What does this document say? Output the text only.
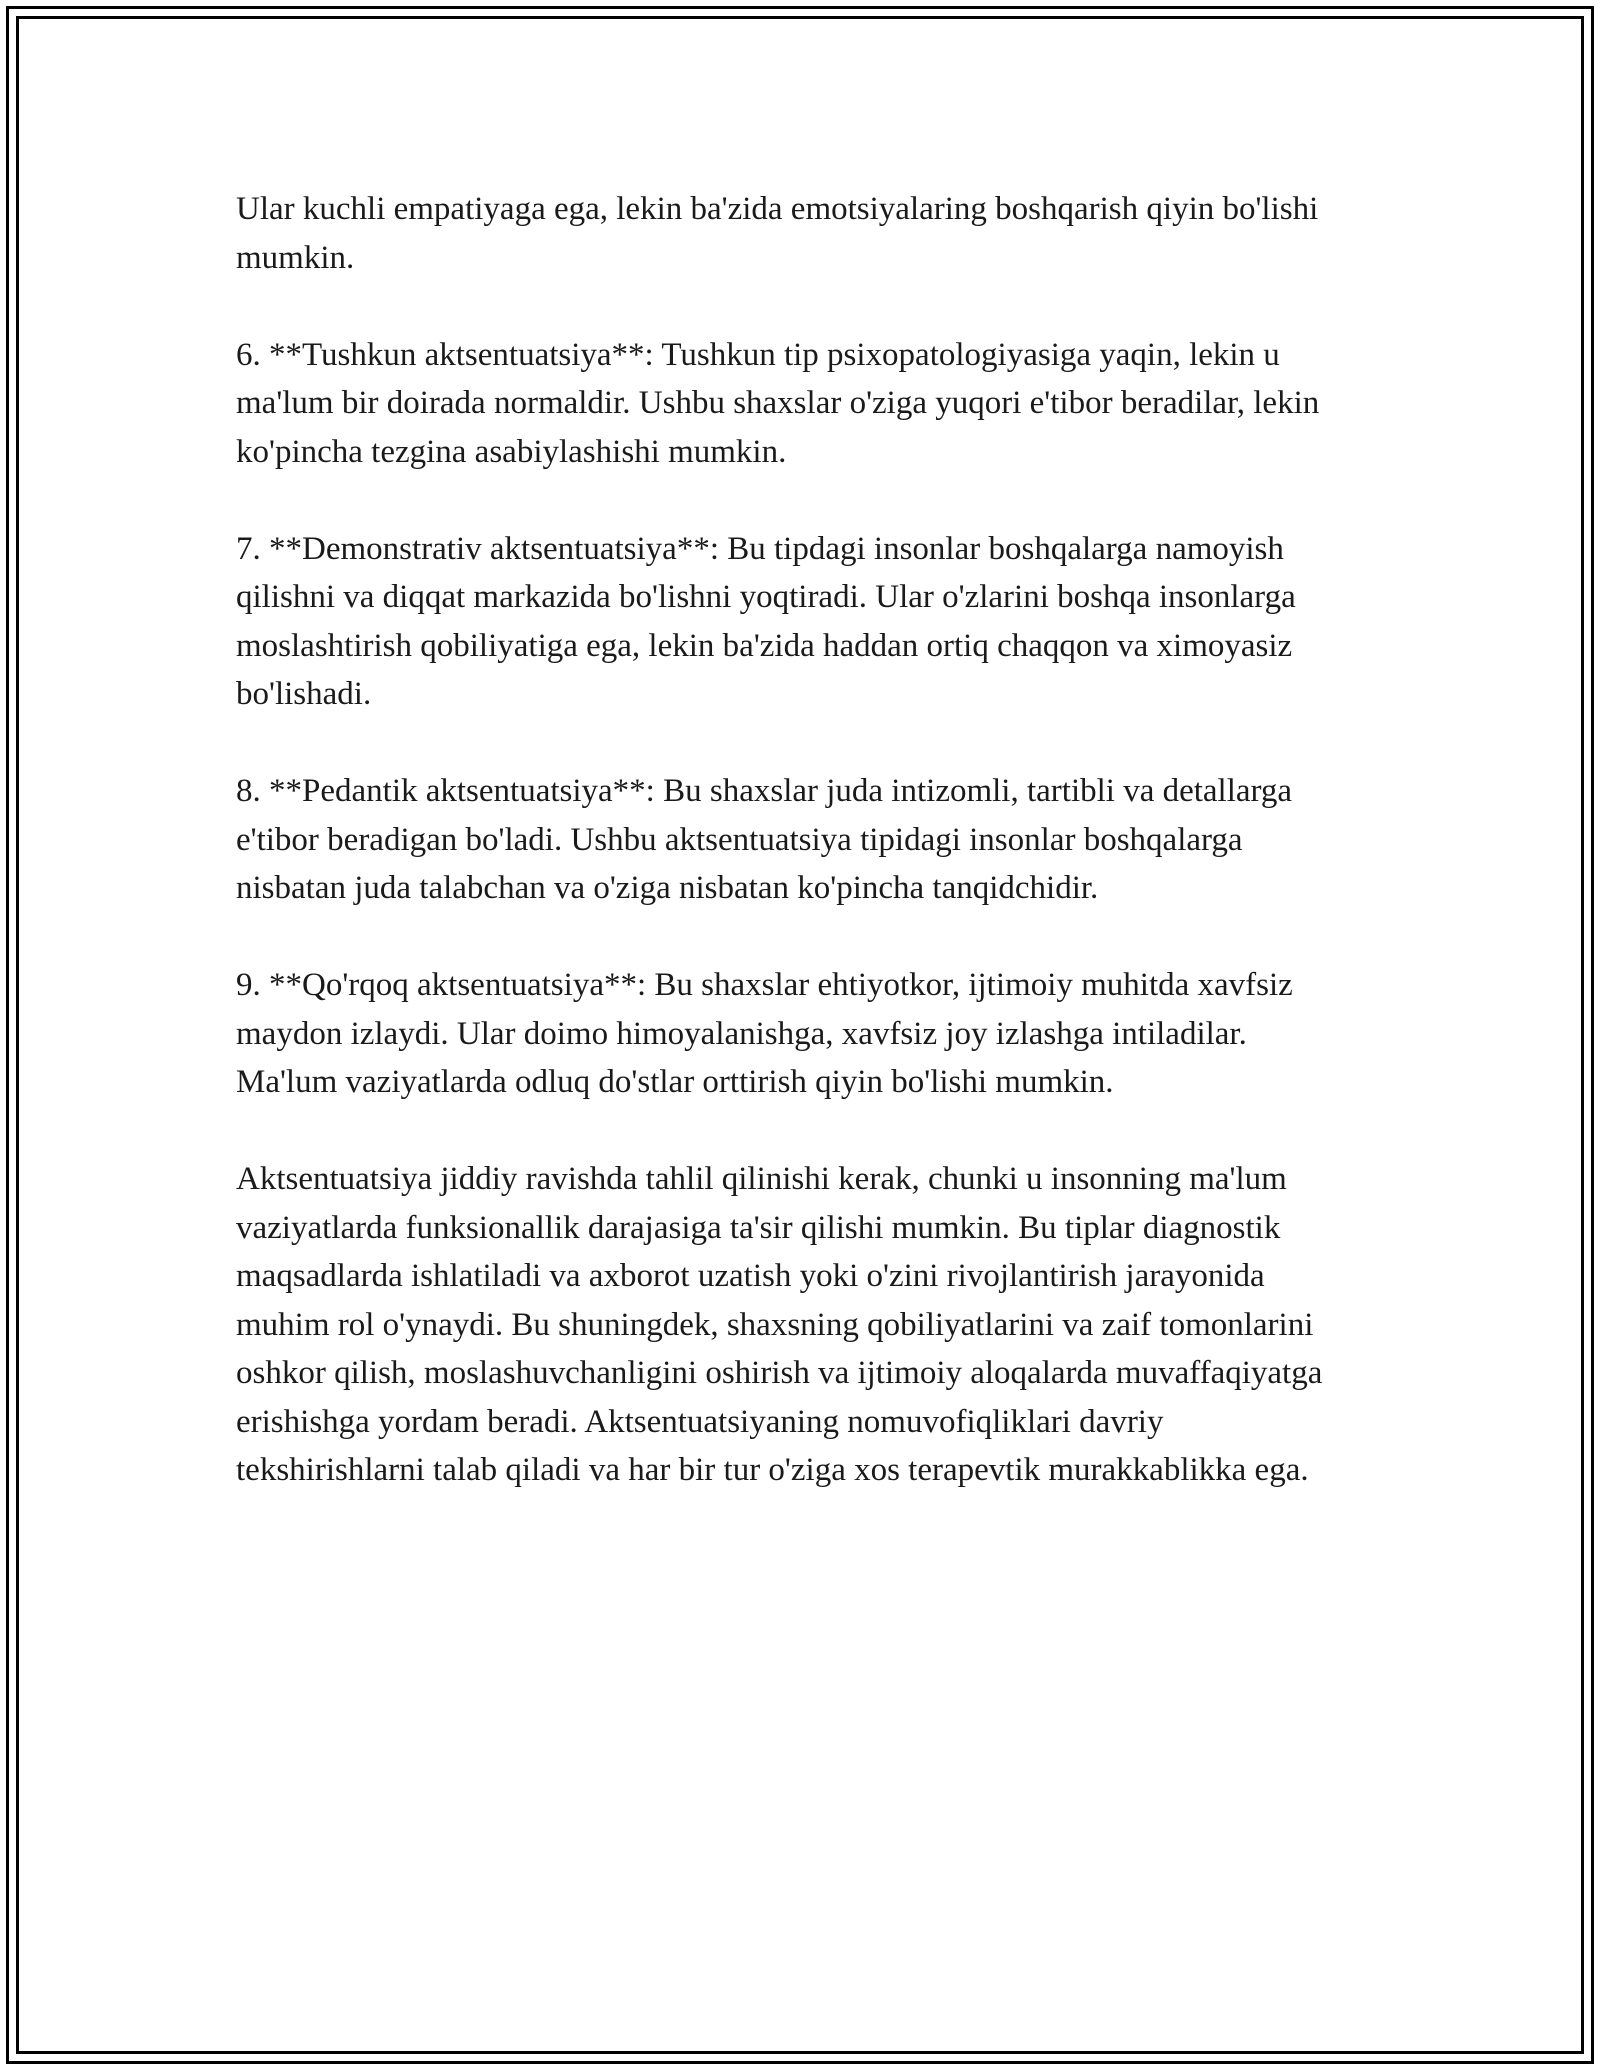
Ular kuchli empatiyaga ega, lekin ba'zida emotsiyalaring boshqarish qiyin bo'lishi mumkin.

6. **Tushkun aktsentuatsiya**: Tushkun tip psixopatologiyasiga yaqin, lekin u ma'lum bir doirada normaldir. Ushbu shaxslar o'ziga yuqori e'tibor beradilar, lekin ko'pincha tezgina asabiylashishi mumkin.

7. **Demonstrativ aktsentuatsiya**: Bu tipdagi insonlar boshqalarga namoyish qilishni va diqqat markazida bo'lishni yoqtiradi. Ular o'zlarini boshqa insonlarga moslashtirish qobiliyatiga ega, lekin ba'zida haddan ortiq chaqqon va ximoyasiz bo'lishadi.

8. **Pedantik aktsentuatsiya**: Bu shaxslar juda intizomli, tartibli va detallarga e'tibor beradigan bo'ladi. Ushbu aktsentuatsiya tipidagi insonlar boshqalarga nisbatan juda talabchan va o'ziga nisbatan ko'pincha tanqidchidir.

9. **Qo'rqoq aktsentuatsiya**: Bu shaxslar ehtiyotkor, ijtimoiy muhitda xavfsiz maydon izlaydi. Ular doimo himoyalanishga, xavfsiz joy izlashga intiladilar. Ma'lum vaziyatlarda odluq do'stlar orttirish qiyin bo'lishi mumkin.

Aktsentuatsiya jiddiy ravishda tahlil qilinishi kerak, chunki u insonning ma'lum vaziyatlarda funksionallik darajasiga ta'sir qilishi mumkin. Bu tiplar diagnostik maqsadlarda ishlatiladi va axborot uzatish yoki o'zini rivojlantirish jarayonida muhim rol o'ynaydi. Bu shuningdek, shaxsning qobiliyatlarini va zaif tomonlarini oshkor qilish, moslashuvchanligini oshirish va ijtimoiy aloqalarda muvaffaqiyatga erishishga yordam beradi. Aktsentuatsiyaning nomuvofiqliklari davriy tekshirishlarni talab qiladi va har bir tur o'ziga xos terapevtik murakkablikka ega.
